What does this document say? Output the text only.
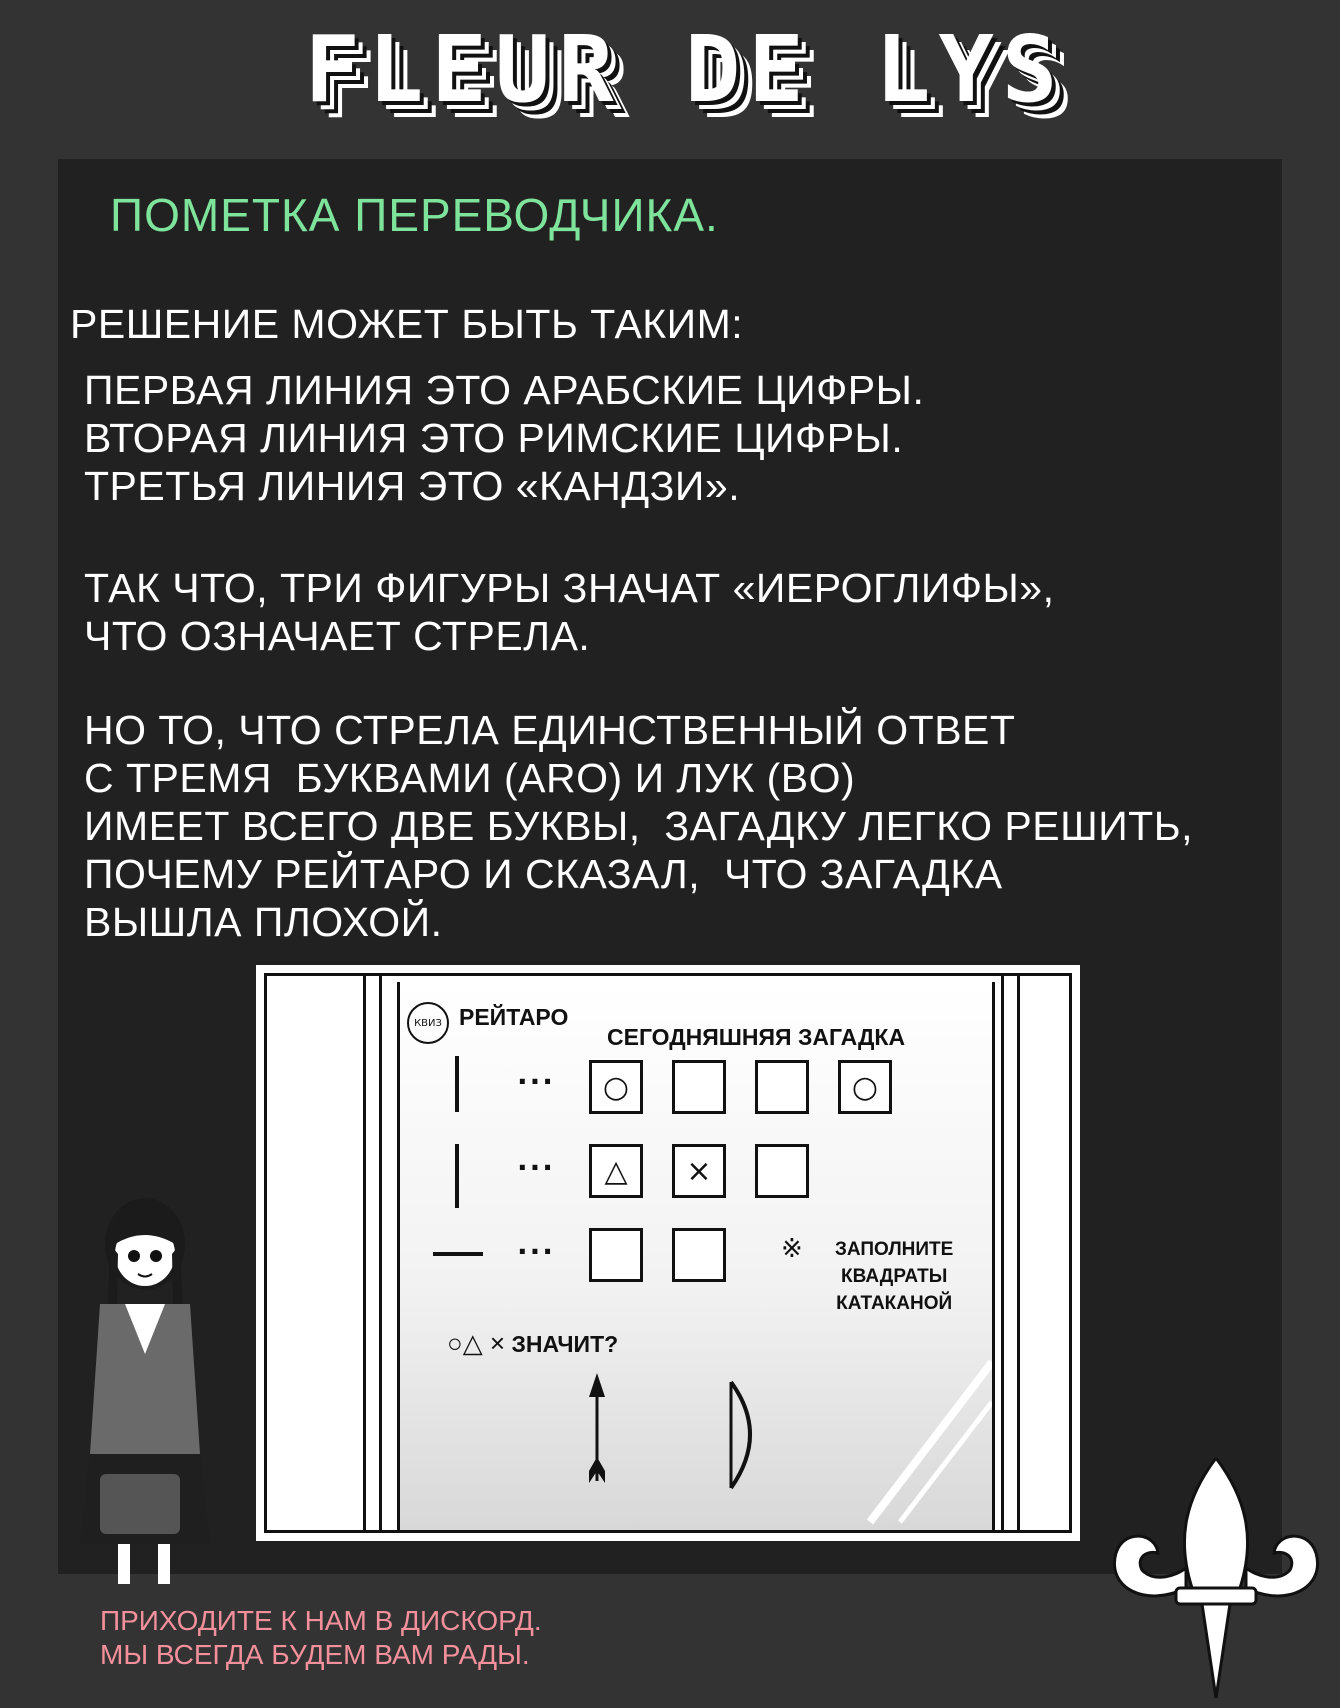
FLEUR DE LYS
ПОМЕТКА ПЕРЕВОДЧИКА.
РЕШЕНИЕ МОЖЕТ БЫТЬ ТАКИМ:
ПЕРВАЯ ЛИНИЯ ЭТО АРАБСКИЕ ЦИФРЫ.
ВТОРАЯ ЛИНИЯ ЭТО РИМСКИЕ ЦИФРЫ.
ТРЕТЬЯ ЛИНИЯ ЭТО «КАНДЗИ».
ТАК ЧТО, ТРИ ФИГУРЫ ЗНАЧАТ «ИЕРОГЛИФЫ»,
ЧТО ОЗНАЧАЕТ СТРЕЛА.
НО ТО, ЧТО СТРЕЛА ЕДИНСТВЕННЫЙ ОТВЕТ
С ТРЕМЯ  БУКВАМИ (ARO) И ЛУК (BO)
ИМЕЕТ ВСЕГО ДВЕ БУКВЫ,  ЗАГАДКУ ЛЕГКО РЕШИТЬ,
ПОЧЕМУ РЕЙТАРО И СКАЗАЛ,  ЧТО ЗАГАДКА
ВЫШЛА ПЛОХОЙ.
КВИЗ РЕЙТАРО
СЕГОДНЯШНЯЯ ЗАГАДКА
...	○	○
...	△	×
...	※ ЗАПОЛНИТЕ
КВАДРАТЫ
КАТАКАНОЙ
○△ × ЗНАЧИТ?
ПРИХОДИТЕ К НАМ В ДИСКОРД.
МЫ ВСЕГДА БУДЕМ ВАМ РАДЫ.
